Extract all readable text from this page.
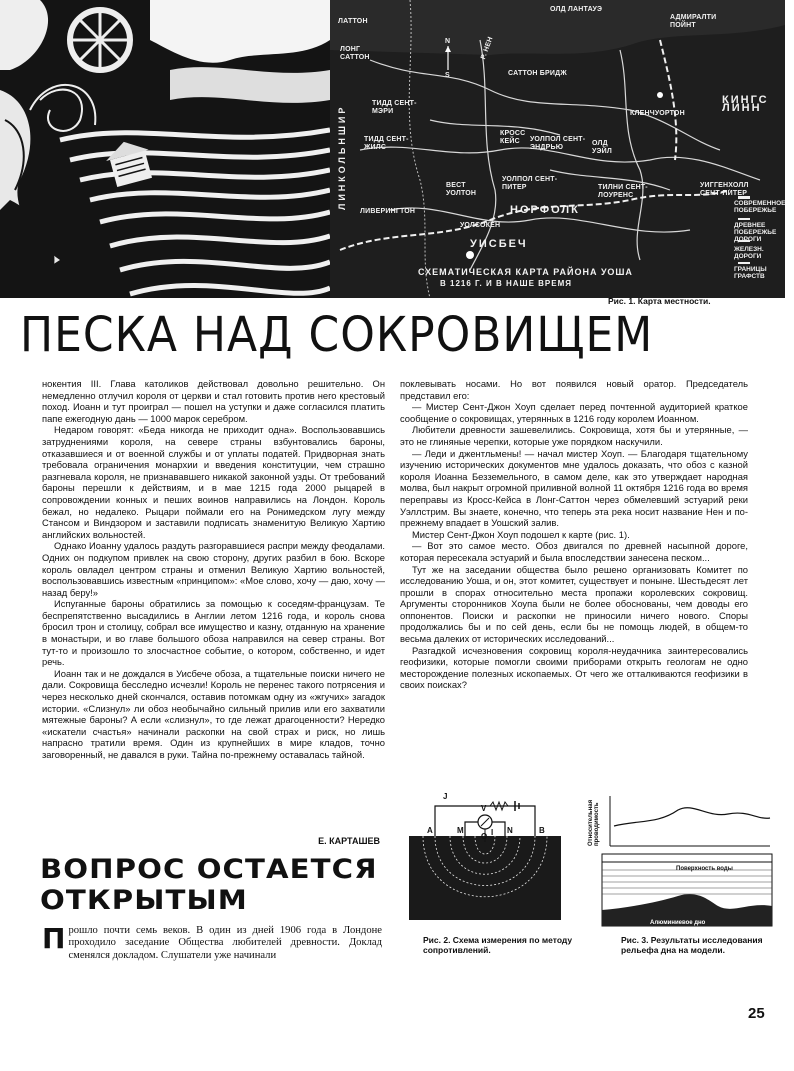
ЛАТТОН
ЛОНГ САТТОН
САТТОН БРИДЖ
ОЛД ЛАНТАУЭ
АДМИРАЛТИ ПОЙНТ
КИНГС ЛИНН
КЛЕНЧУОРТОН
ТИДД СЕНТ-МЭРИ
ТИДД СЕНТ-ЖИЛС
КРОСС КЕЙС	УОЛПОЛ СЕНТ-ЭНДРЬЮ
УОЛПОЛ СЕНТ-ПИТЕР
ОЛД УЭЙЛ
УИГГЕНХОЛЛ СЕНТ-ПИТЕР
ТИЛНИ СЕНТ-ЛОУРЕНС
ВЕСТ УОЛТОН
НОРФОЛК
УОЛСОКЕН
ЛИВЕРИНГТОН
УИСБЕЧ
Р. НЕН
N
S
ЛИНКОЛЬНШИР
СХЕМАТИЧЕСКАЯ КАРТА РАЙОНА УОША
В 1216 Г. И В НАШЕ ВРЕМЯ
СОВРЕМЕННОЕ ПОБЕРЕЖЬЕ
ДРЕВНЕЕ ПОБЕРЕЖЬЕ
ДОРОГИ
ЖЕЛЕЗН. ДОРОГИ
ГРАНИЦЫ ГРАФСТВ
Рис. 1. Карта местности.
ПЕСКА НАД СОКРОВИЩЕМ

нокентия III. Глава католиков действовал довольно решительно. Он немедленно отлучил короля от церкви и стал готовить против него крестовый поход. Иоанн и тут проиграл — пошел на уступки и даже согласился платить папе ежегодную дань — 1000 марок серебром.

Недаром говорят: «Беда никогда не приходит одна». Воспользовавшись затруднениями короля, на севере страны взбунтовались бароны, отказавшиеся и от военной службы и от уплаты податей. Придворная знать требовала ограничения монархии и введения конституции, чем страшно разгневала короля, не признававшего никакой законной узды. От требований бароны перешли к действиям, и в мае 1215 года 2000 рыцарей в сопровождении конных и пеших воинов направились на Лондон. Король бежал, но недалеко. Рыцари поймали его на Ронимедском лугу между Стансом и Виндзором и заставили подписать знаменитую Великую Хартию английских вольностей.

Однако Иоанну удалось раздуть разгоравшиеся распри между феодалами. Одних он подкупом привлек на свою сторону, других разбил в бою. Вскоре король овладел центром страны и отменил Великую Хартию вольностей, воспользовавшись известным «принципом»: «Мое слово, хочу — даю, хочу — назад беру!»

Испуганные бароны обратились за помощью к соседям-французам. Те беспрепятственно высадились в Англии летом 1216 года, и король снова бросил трон и столицу, собрал все имущество и казну, отданную на хранение в монастыри, и во главе большого обоза направился на север страны. Вот тут-то и произошло то злосчастное событие, о котором, собственно, и идет речь.

Иоанн так и не дождался в Уисбече обоза, а тщательные поиски ничего не дали. Сокровища бесследно исчезли! Король не перенес такого потрясения и через несколько дней скончался, оставив потомкам одну из «жгучих» загадок истории. «Слизнул» ли обоз необычайно сильный прилив или его захватили мятежные бароны? А если «слизнул», то где лежат драгоценности? Нередко «искатели счастья» начинали раскопки на свой страх и риск, но лишь напрасно тратили время. Один из крупнейших в мире кладов, точно заговоренный, не давался в руки. Тайна по-прежнему оставалась тайной.

Е. КАРТАШЕВ
ВОПРОС ОСТАЕТСЯ
ОТКРЫТЫМ
П рошло почти семь веков. В один из дней 1906 года в Лондоне проходило заседание Общества любителей древности. Доклад сменялся докладом. Слушатели уже начинали

поклевывать носами. Но вот появился новый оратор. Председатель представил его:

— Мистер Сент-Джон Хоуп сделает перед почтенной аудиторией краткое сообщение о сокровищах, утерянных в 1216 году королем Иоанном.

Любители древности зашевелились. Сокровища, хотя бы и утерянные, — это не глиняные черепки, которые уже порядком наскучили.

— Леди и джентльмены! — начал мистер Хоуп. — Благодаря тщательному изучению исторических документов мне удалось доказать, что обоз с казной короля Иоанна Безземельного, в самом деле, как это утверждает народная молва, был накрыт огромной приливной волной 11 октября 1216 года во время переправы из Кросс-Кейса в Лонг-Саттон через обмелевший эстуарий реки Уэллстрим. Вы знаете, конечно, что теперь эта река носит название Нен и по-прежнему впадает в Уошский залив.

Мистер Сент-Джон Хоуп подошел к карте (рис. 1).

— Вот это самое место. Обоз двигался по древней насыпной дороге, которая пересекала эстуарий и была впоследствии занесена песком...

Тут же на заседании общества было решено организовать Комитет по исследованию Уоша, и он, этот комитет, существует и поныне. Шестьдесят лет прошли в спорах относительно места пропажи королевских сокровищ. Аргументы сторонников Хоупа были не более обоснованы, чем доводы его оппонентов. Поиски и раскопки не приносили ничего нового. Споры продолжались бы и по сей день, если бы не помощь людей, в общем-то весьма далеких от исторических исследований...

Разгадкой исчезновения сокровищ короля-неудачника заинтересовались геофизики, которые помогли своими приборами открыть геологам не одно месторождение полезных ископаемых. От чего же отталкиваются геофизики в своих поисках?

J
V
A	M
O
N	B
I
Рис. 2. Схема измерения по методу сопротивлений.
Относительная проводимость
Поверхность воды
Алюминиевое дно
Рис. 3. Результаты исследования рельефа дна на модели.
25
